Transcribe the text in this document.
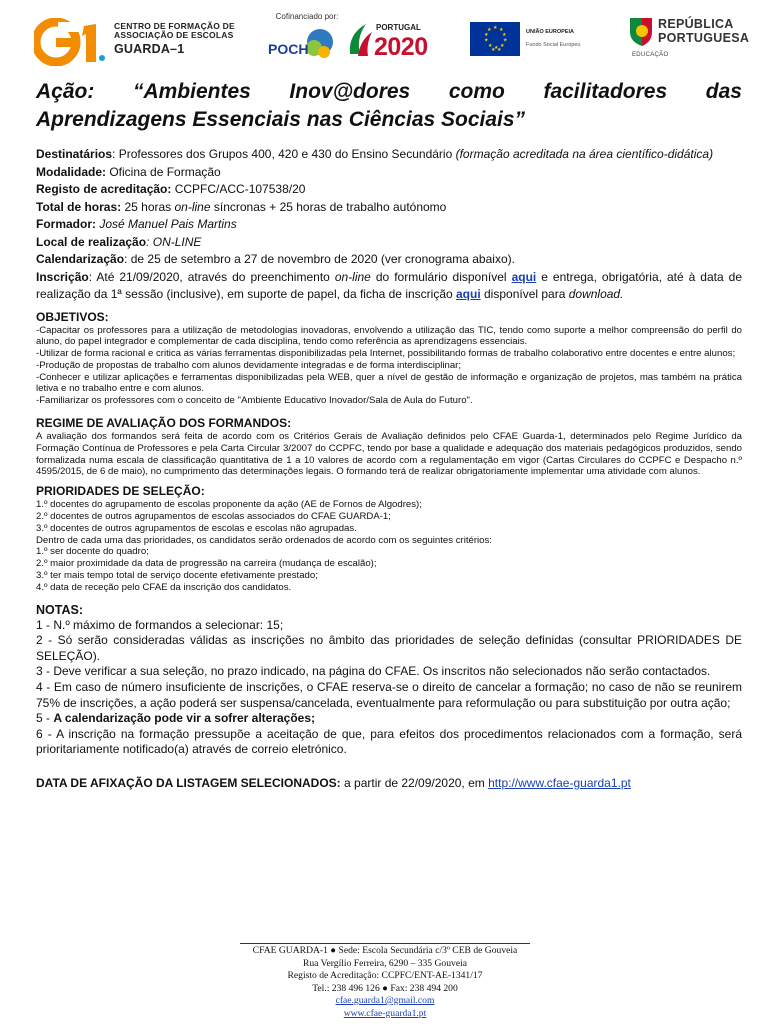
CENTRO DE FORMAÇÃO DE
ASSOCIAÇÃO DE ESCOLAS
GUARDA–1
Cofinanciado por:
POCH
PORTUGAL
2020
★ ★
★
★
★
★
★
★
★
★
★ ★
UNIÃO EUROPEIA
Fundo Social Europeu
REPÚBLICA
PORTUGUESA
EDUCAÇÃO
Ação: “Ambientes Inov@dores como facilitadores das
Aprendizagens Essenciais nas Ciências Sociais”

Destinatários: Professores dos Grupos 400, 420 e 430 do Ensino Secundário (formação acreditada na área científico-didática)

Modalidade: Oficina de Formação

Registo de acreditação: CCPFC/ACC-107538/20

Total de horas: 25 horas on-line síncronas + 25 horas de trabalho autónomo

Formador: José Manuel Pais Martins

Local de realização: ON-LINE

Calendarização: de 25 de setembro a 27 de novembro de 2020 (ver cronograma abaixo).

Inscrição: Até 21/09/2020, através do preenchimento on-line do formulário disponível aqui e entrega, obrigatória, até à data de realização da 1ª sessão (inclusive), em suporte de papel, da ficha de inscrição aqui disponível para download.

OBJETIVOS:
-Capacitar os professores para a utilização de metodologias inovadoras, envolvendo a utilização das TIC, tendo como suporte a melhor compreensão do perfil do aluno, do papel integrador e complementar de cada disciplina, tendo como referência as aprendizagens essenciais.
-Utilizar de forma racional e critica as várias ferramentas disponibilizadas pela Internet, possibilitando formas de trabalho colaborativo entre docentes e entre alunos;
-Produção de propostas de trabalho com alunos devidamente integradas e de forma interdisciplinar;
-Conhecer e utilizar aplicações e ferramentas disponibilizadas pela WEB, quer a nível de gestão de informação e organização de projetos, mas também na prática letiva e no trabalho entre e com alunos.
-Familiarizar os professores com o conceito de "Ambiente Educativo Inovador/Sala de Aula do Futuro".
REGIME DE AVALIAÇÃO DOS FORMANDOS:
A avaliação dos formandos será feita de acordo com os Critérios Gerais de Avaliação definidos pelo CFAE Guarda-1, determinados pelo Regime Jurídico da Formação Contínua de Professores e pela Carta Circular 3/2007 do CCPFC, tendo por base a qualidade e adequação dos materiais pedagógicos produzidos, sendo formalizada numa escala de classificação quantitativa de 1 a 10 valores de acordo com a regulamentação em vigor (Cartas Circulares do CCPFC e Despacho n.º 4595/2015, de 6 de maio), no cumprimento das determinações legais. O formando terá de realizar obrigatoriamente implementar uma atividade com alunos.
PRIORIDADES DE SELEÇÃO:
1.º docentes do agrupamento de escolas proponente da ação (AE de Fornos de Algodres);
2.º docentes de outros agrupamentos de escolas associados do CFAE GUARDA-1;
3.º docentes de outros agrupamentos de escolas e escolas não agrupadas.
Dentro de cada uma das prioridades, os candidatos serão ordenados de acordo com os seguintes critérios:
1.º ser docente do quadro;
2.º maior proximidade da data de progressão na carreira (mudança de escalão);
3.º ter mais tempo total de serviço docente efetivamente prestado;
4.º data de receção pelo CFAE da inscrição dos candidatos.
NOTAS:
1 - N.º máximo de formandos a selecionar: 15;
2 - Só serão consideradas válidas as inscrições no âmbito das prioridades de seleção definidas (consultar PRIORIDADES DE SELEÇÃO).
3 - Deve verificar a sua seleção, no prazo indicado, na página do CFAE. Os inscritos não selecionados não serão contactados.
4 - Em caso de número insuficiente de inscrições, o CFAE reserva-se o direito de cancelar a formação; no caso de não se reunirem 75% de inscrições, a ação poderá ser suspensa/cancelada, eventualmente para reformulação ou para substituição por outra ação;
5 - A calendarização pode vir a sofrer alterações;
6 - A inscrição na formação pressupõe a aceitação de que, para efeitos dos procedimentos relacionados com a formação, será prioritariamente notificado(a) através de correio eletrónico.

DATA DE AFIXAÇÃO DA LISTAGEM SELECIONADOS: a partir de 22/09/2020, em http://www.cfae-guarda1.pt

CFAE GUARDA-1 ● Sede: Escola Secundária c/3º CEB de Gouveia
Rua Vergílio Ferreira, 6290 – 335 Gouveia
Registo de Acreditação: CCPFC/ENT-AE-1341/17
Tel.: 238 496 126 ● Fax: 238 494 200
cfae.guarda1@gmail.com
www.cfae-guarda1.pt
